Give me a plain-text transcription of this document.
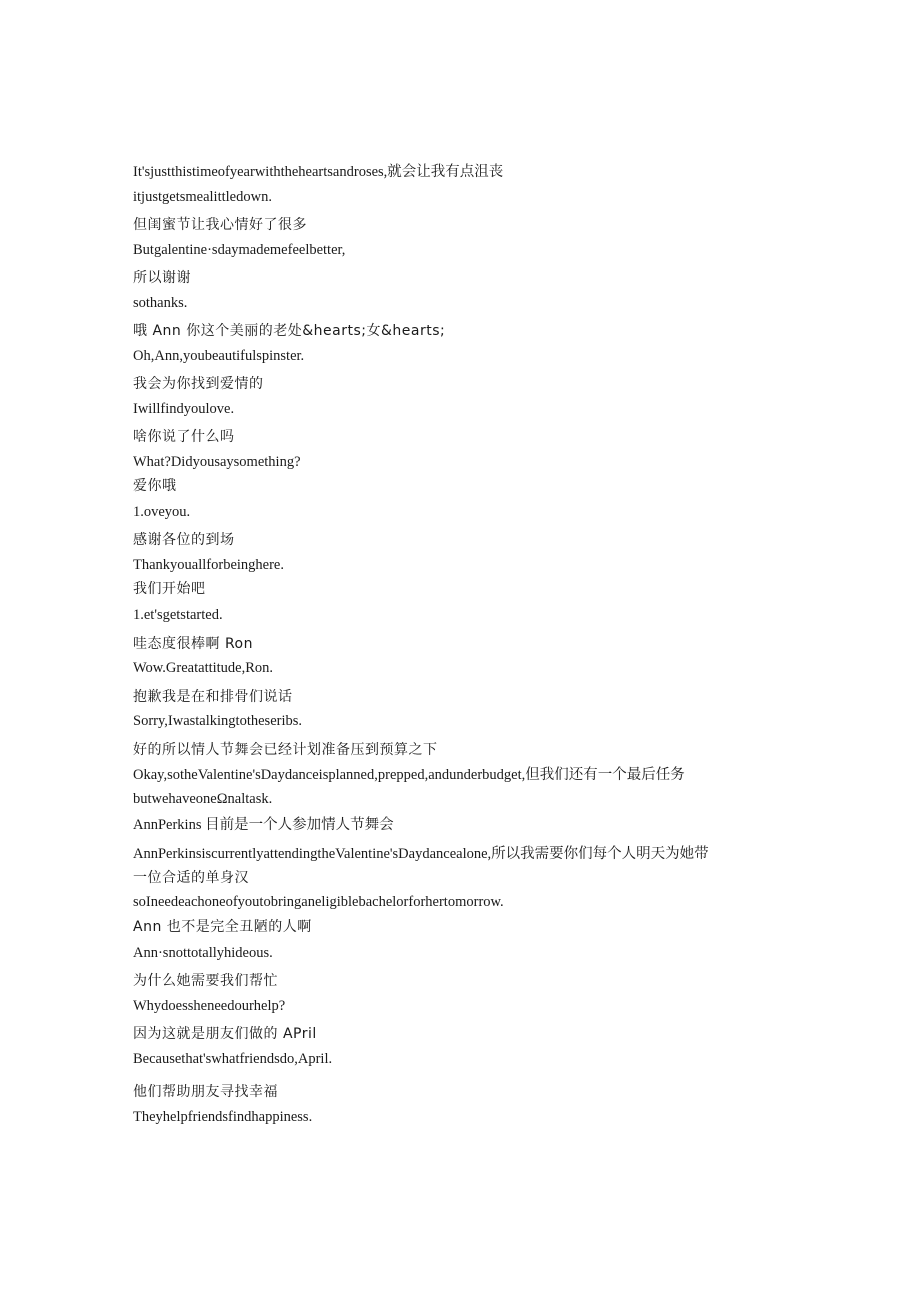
It'sjustthistimeofyearwiththeheartsandroses,就会让我有点沮丧
itjustgetsmealittledown.
但闺蜜节让我心情好了很多
Butgalentine·sdaymademefeelbetter,
所以谢谢
sothanks.
哦 Ann 你这个美丽的老处&hearts;女&hearts;
Oh,Ann,youbeautifulspinster.
我会为你找到爱情的
Iwillfindyoulove.
啥你说了什么吗
What?Didyousaysomething?
爱你哦
1.oveyou.
感谢各位的到场
Thankyouallforbeinghere.
我们开始吧
1.et'sgetstarted.
哇态度很棒啊 Ron
Wow.Greatattitude,Ron.
抱歉我是在和排骨们说话
Sorry,Iwastalkingtotheseribs.
好的所以情人节舞会已经计划准备压到预算之下
Okay,sotheValentine'sDaydanceisplanned,prepped,andunderbudget,但我们还有一个最后任务
butwehaveoneΩnaltask.
AnnPerkins 目前是一个人参加情人节舞会
AnnPerkinsiscurrentlyattendingtheValentine'sDaydancealone,所以我需要你们每个人明天为她带
一位合适的单身汉
soIneedeachoneofyoutobringaneligiblebachelorforhertomorrow.
Ann 也不是完全丑陋的人啊
Ann·snottotallyhideous.
为什么她需要我们帮忙
Whydoessheneedourhelp?
因为这就是朋友们做的 APril
Becausethat'swhatfriendsdo,April.
他们帮助朋友寻找幸福
Theyhelpfriendsfindhappiness.
